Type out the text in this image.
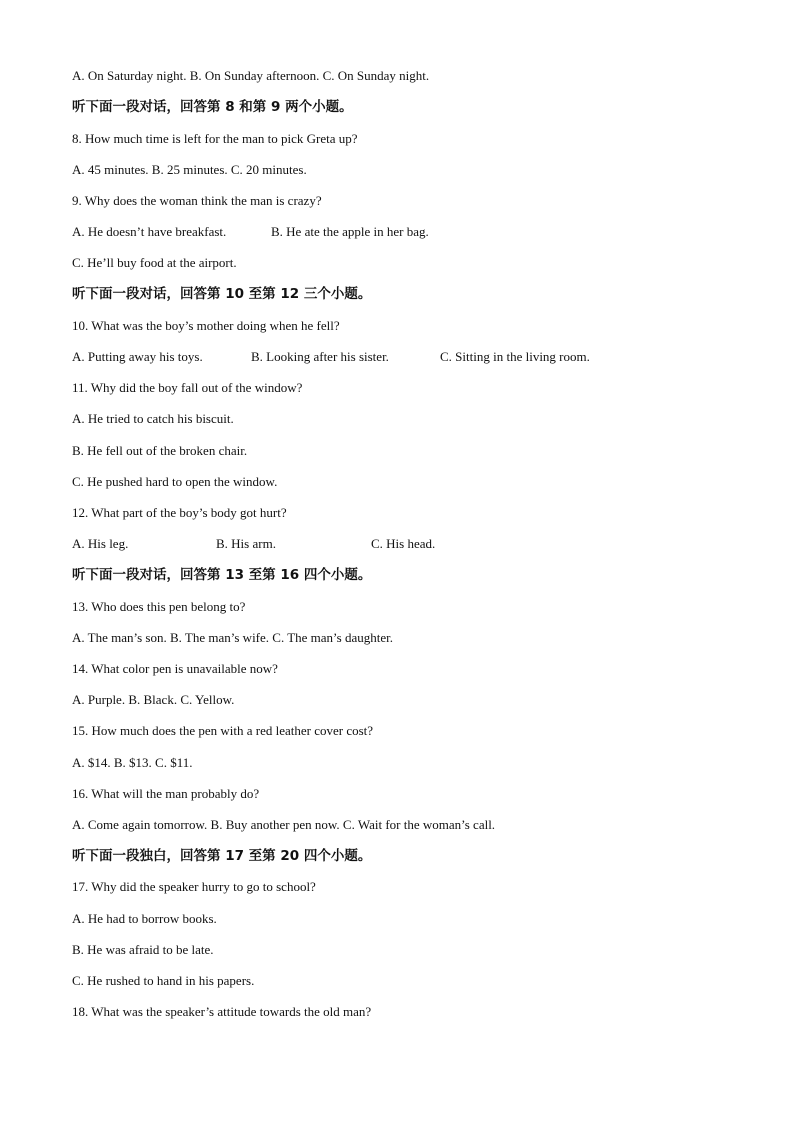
A. On Saturday night. B. On Sunday afternoon. C. On Sunday night.
听下面一段对话，回答第 8 和第 9 两个小题。
8. How much time is left for the man to pick Greta up?
A. 45 minutes. B. 25 minutes. C. 20 minutes.
9. Why does the woman think the man is crazy?
A. He doesn’t have breakfast.	B. He ate the apple in her bag.
C. He’ll buy food at the airport.
听下面一段对话，回答第 10 至第 12 三个小题。
10. What was the boy’s mother doing when he fell?
A. Putting away his toys.	B. Looking after his sister.	C. Sitting in the living room.
11. Why did the boy fall out of the window?
A. He tried to catch his biscuit.
B. He fell out of the broken chair.
C. He pushed hard to open the window.
12. What part of the boy’s body got hurt?
A. His leg.	B. His arm.	C. His head.
听下面一段对话，回答第 13 至第 16 四个小题。
13. Who does this pen belong to?
A. The man’s son. B. The man’s wife. C. The man’s daughter.
14. What color pen is unavailable now?
A. Purple. B. Black. C. Yellow.
15. How much does the pen with a red leather cover cost?
A. $14. B. $13. C. $11.
16. What will the man probably do?
A. Come again tomorrow. B. Buy another pen now. C. Wait for the woman’s call.
听下面一段独白，回答第 17 至第 20 四个小题。
17. Why did the speaker hurry to go to school?
A. He had to borrow books.
B. He was afraid to be late.
C. He rushed to hand in his papers.
18. What was the speaker’s attitude towards the old man?
